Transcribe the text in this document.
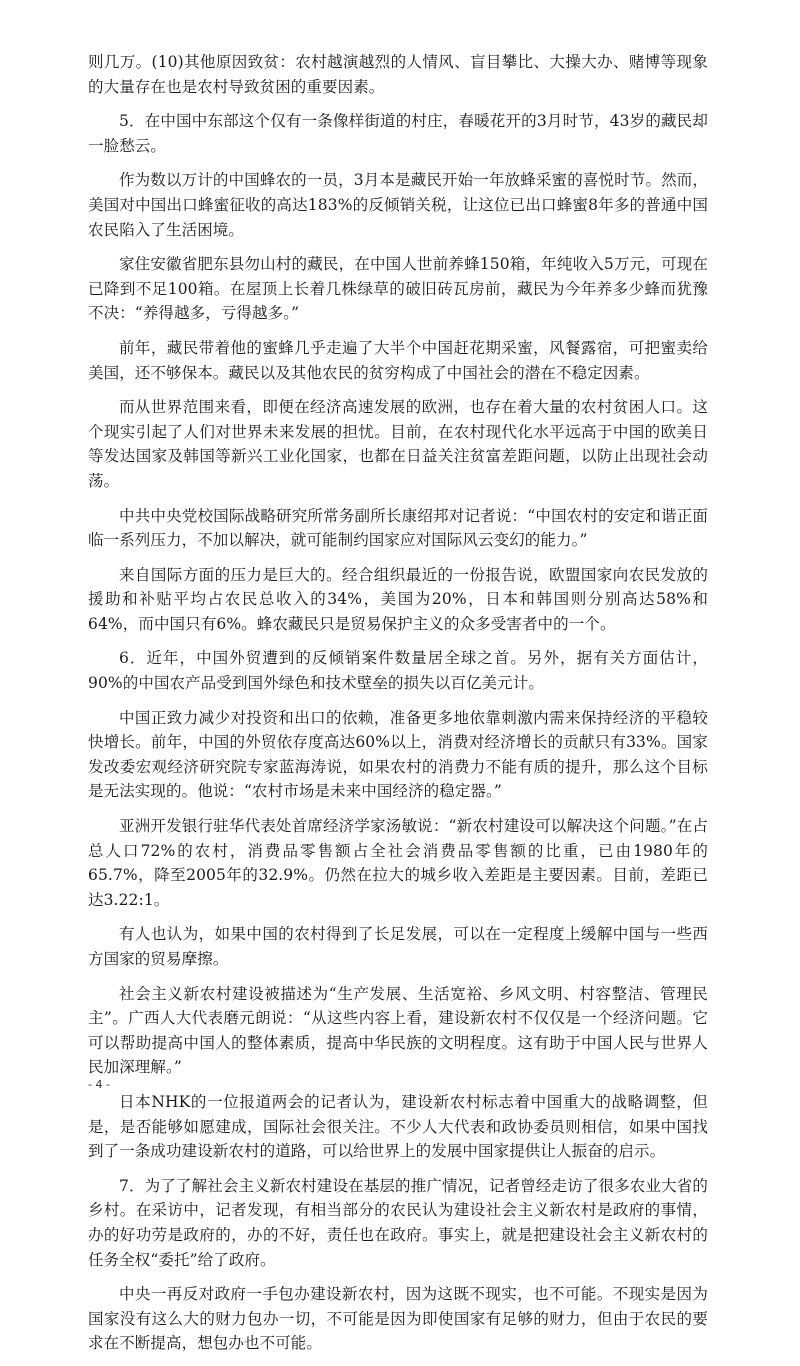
则几万。(10)其他原因致贫：农村越演越烈的人情风、盲目攀比、大操大办、赌博等现象的大量存在也是农村导致贫困的重要因素。

5．在中国中东部这个仅有一条像样街道的村庄，春暖花开的3月时节，43岁的藏民却一脸愁云。

作为数以万计的中国蜂农的一员，3月本是藏民开始一年放蜂采蜜的喜悦时节。然而，美国对中国出口蜂蜜征收的高达183%的反倾销关税，让这位已出口蜂蜜8年多的普通中国农民陷入了生活困境。

家住安徽省肥东县勿山村的藏民，在中国人世前养蜂150箱，年纯收入5万元，可现在已降到不足100箱。在屋顶上长着几株绿草的破旧砖瓦房前，藏民为今年养多少蜂而犹豫不决：“养得越多，亏得越多。”

前年，藏民带着他的蜜蜂几乎走遍了大半个中国赶花期采蜜，风餐露宿，可把蜜卖给美国，还不够保本。藏民以及其他农民的贫穷构成了中国社会的潜在不稳定因素。

而从世界范围来看，即便在经济高速发展的欧洲，也存在着大量的农村贫困人口。这个现实引起了人们对世界未来发展的担忧。目前，在农村现代化水平远高于中国的欧美日等发达国家及韩国等新兴工业化国家，也都在日益关注贫富差距问题，以防止出现社会动荡。

中共中央党校国际战略研究所常务副所长康绍邦对记者说：“中国农村的安定和谐正面临一系列压力，不加以解决，就可能制约国家应对国际风云变幻的能力。”

来自国际方面的压力是巨大的。经合组织最近的一份报告说，欧盟国家向农民发放的援助和补贴平均占农民总收入的34%，美国为20%，日本和韩国则分别高达58%和64%，而中国只有6%。蜂农藏民只是贸易保护主义的众多受害者中的一个。

6．近年，中国外贸遭到的反倾销案件数量居全球之首。另外，据有关方面估计，90%的中国农产品受到国外绿色和技术壁垒的损失以百亿美元计。

中国正致力减少对投资和出口的依赖，准备更多地依靠刺激内需来保持经济的平稳较快增长。前年，中国的外贸依存度高达60%以上，消费对经济增长的贡献只有33%。国家发改委宏观经济研究院专家蓝海涛说，如果农村的消费力不能有质的提升，那么这个目标是无法实现的。他说：“农村市场是未来中国经济的稳定器。”

亚洲开发银行驻华代表处首席经济学家汤敏说：“新农村建设可以解决这个问题。”在占总人口72%的农村，消费品零售额占全社会消费品零售额的比重，已由1980年的65.7%，降至2005年的32.9%。仍然在拉大的城乡收入差距是主要因素。目前，差距已达3.22:1。

有人也认为，如果中国的农村得到了长足发展，可以在一定程度上缓解中国与一些西方国家的贸易摩擦。

社会主义新农村建设被描述为“生产发展、生活宽裕、乡风文明、村容整洁、管理民主”。广西人大代表磨元朗说：“从这些内容上看，建设新农村不仅仅是一个经济问题。它可以帮助提高中国人的整体素质，提高中华民族的文明程度。这有助于中国人民与世界人民加深理解。”

日本NHK的一位报道两会的记者认为，建设新农村标志着中国重大的战略调整，但是，是否能够如愿建成，国际社会很关注。不少人大代表和政协委员则相信，如果中国找到了一条成功建设新农村的道路，可以给世界上的发展中国家提供让人振奋的启示。

7．为了了解社会主义新农村建设在基层的推广情况，记者曾经走访了很多农业大省的乡村。在采访中，记者发现，有相当部分的农民认为建设社会主义新农村是政府的事情，办的好功劳是政府的，办的不好，责任也在政府。事实上，就是把建设社会主义新农村的任务全权“委托”给了政府。

中央一再反对政府一手包办建设新农村，因为这既不现实，也不可能。不现实是因为国家没有这么大的财力包办一切，不可能是因为即使国家有足够的财力，但由于农民的要求在不断提高，想包办也不可能。

- 4 -
